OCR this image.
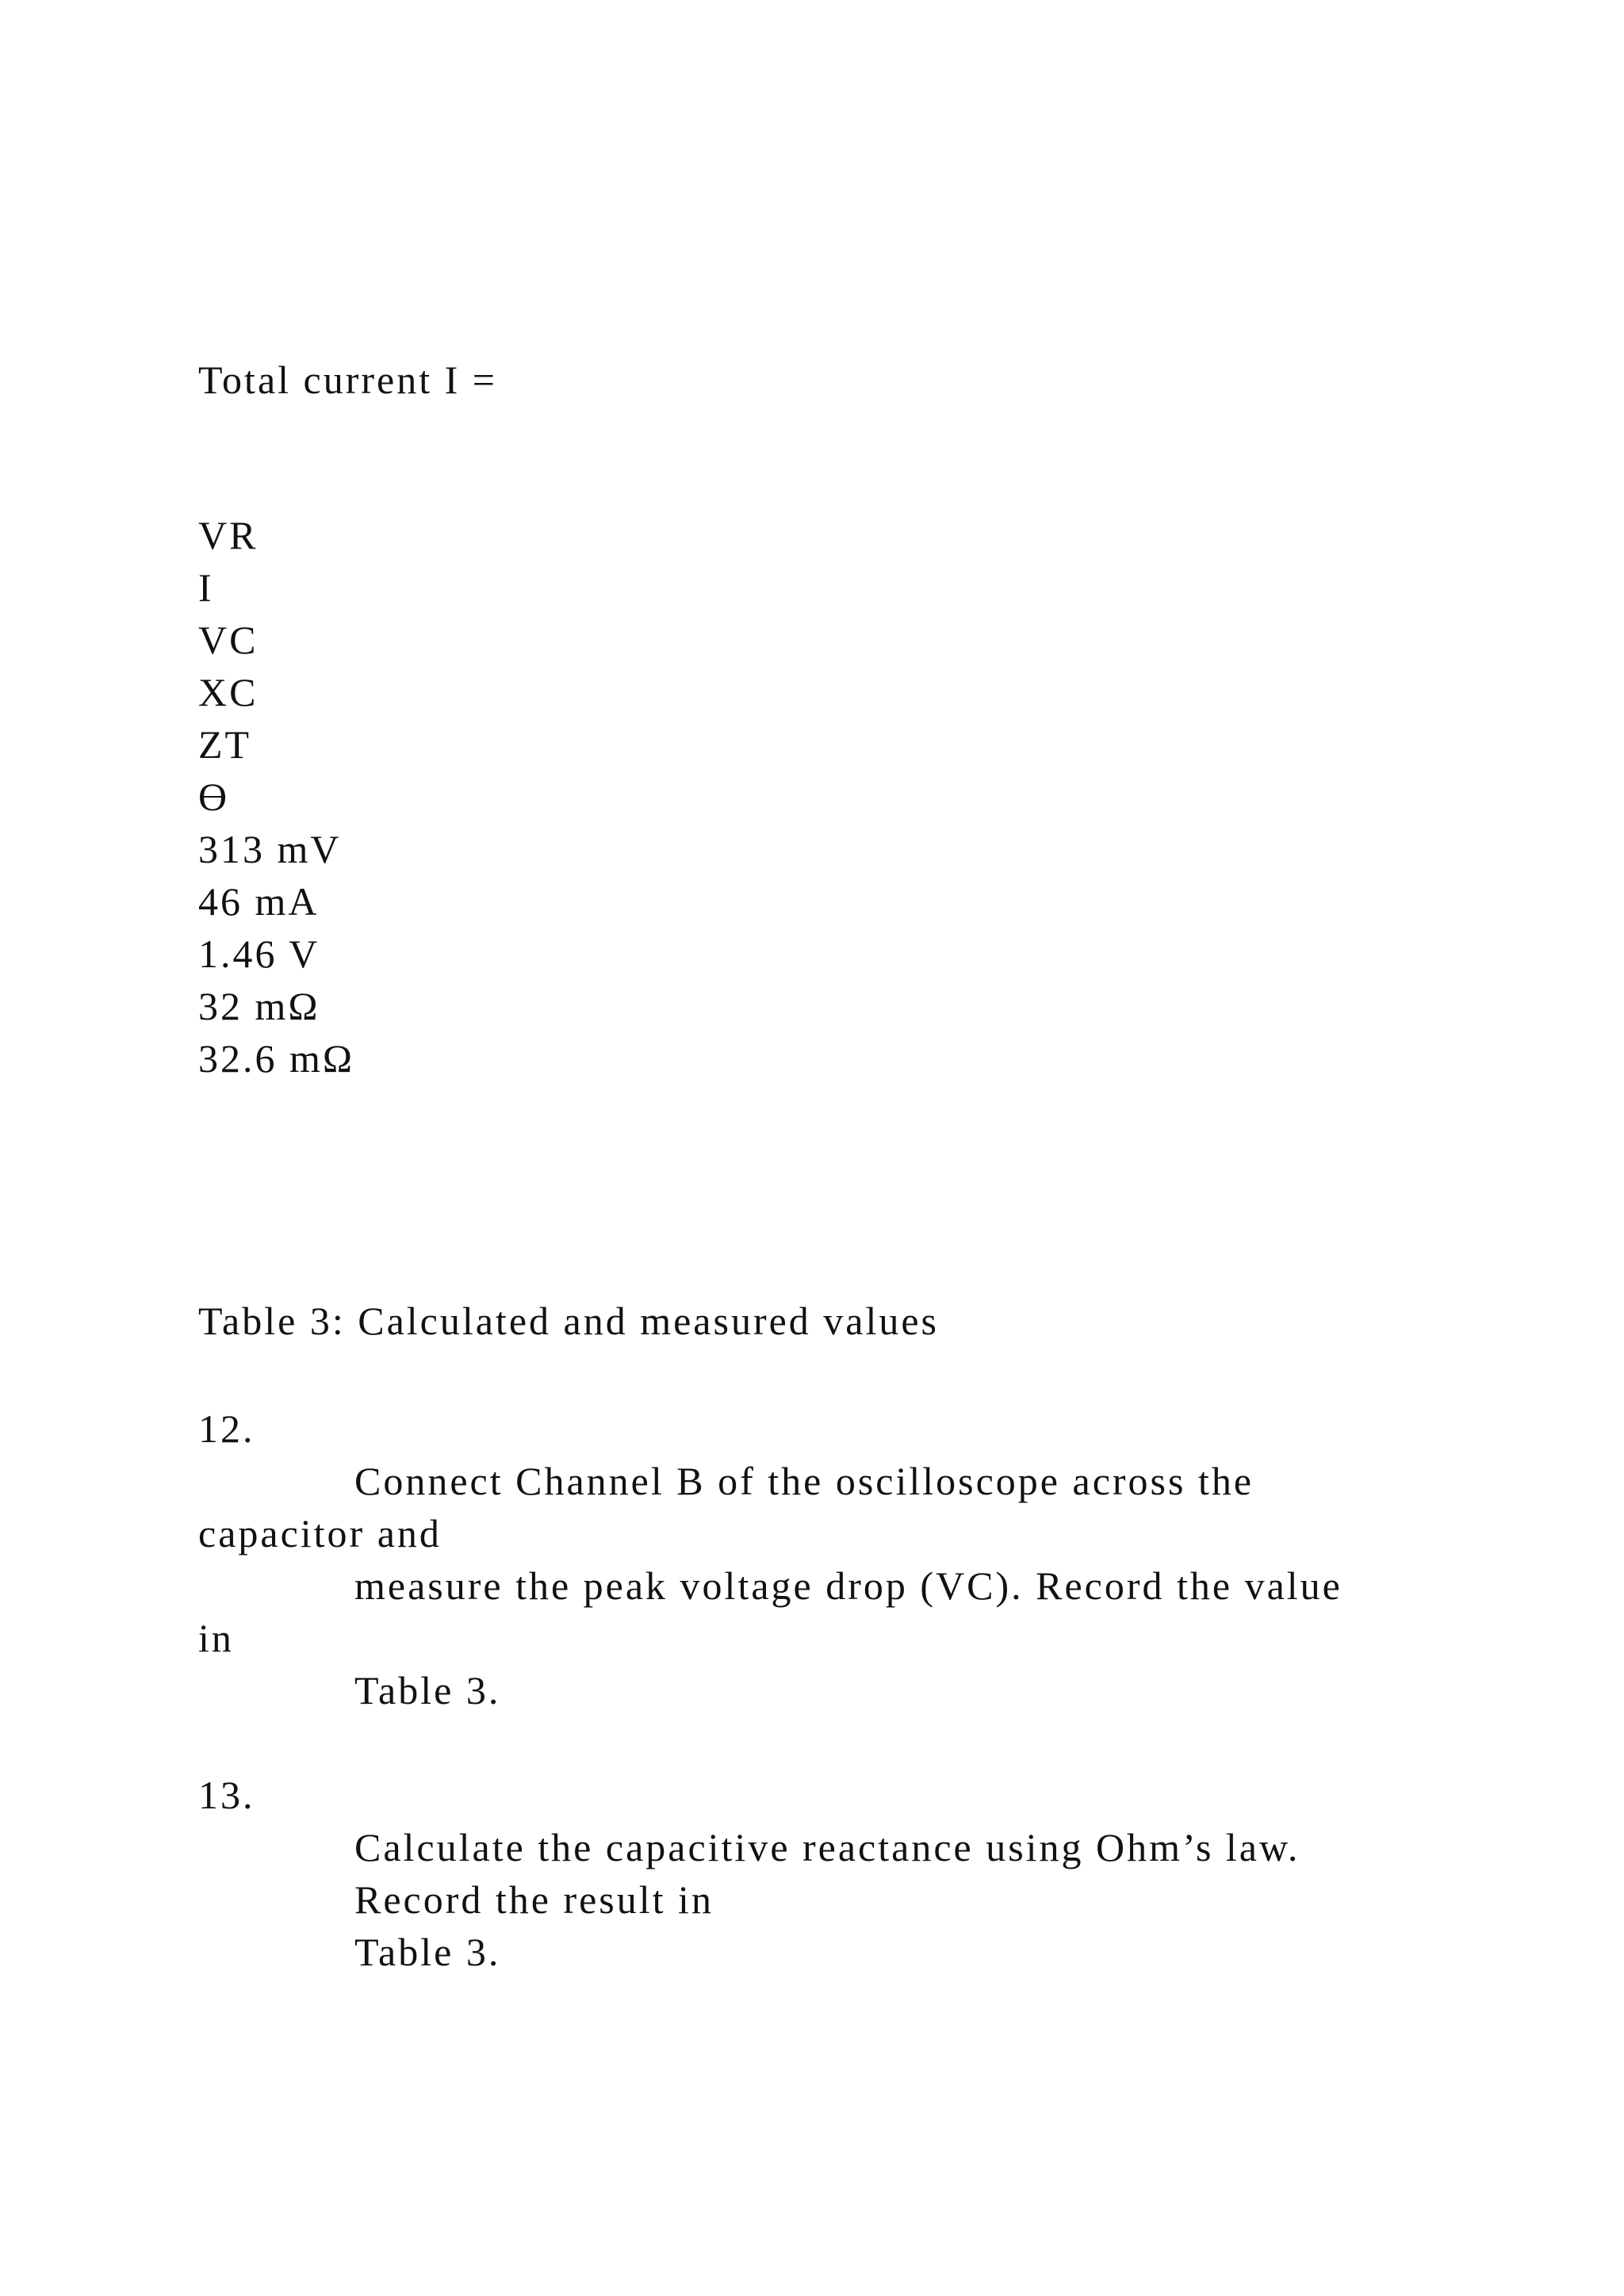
Total current I =

VR

I

VC

XC

ZT

ϴ

313 mV

46 mA

1.46 V

32 mΩ

32.6 mΩ

Table 3: Calculated and measured values

12.

Connect Channel B of the oscilloscope across the

capacitor and

measure the peak voltage drop (VC). Record the value

in

Table 3.

13.

Calculate the capacitive reactance using Ohm’s law.

Record the result in

Table 3.
